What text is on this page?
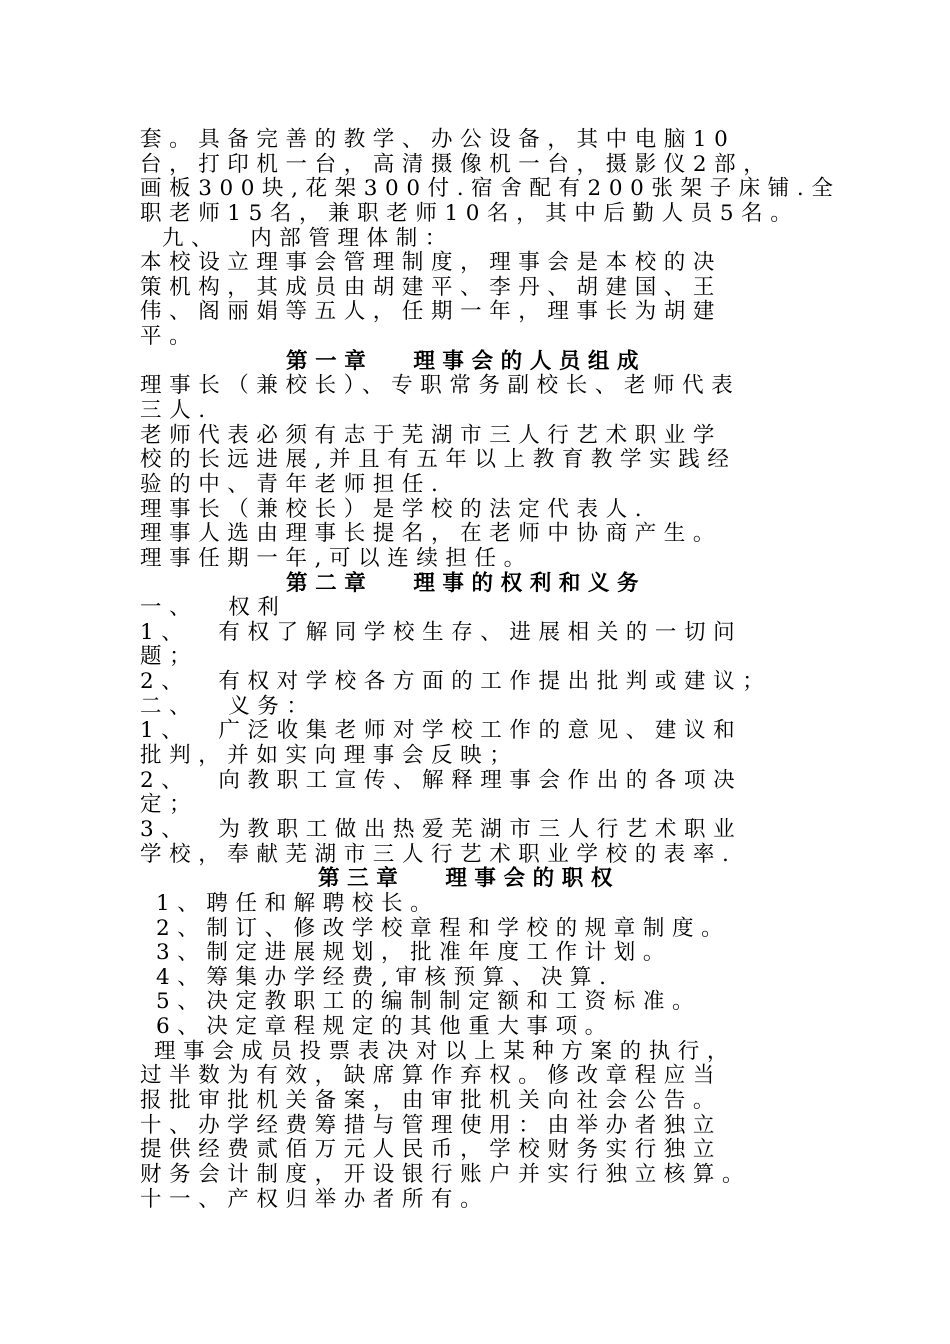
套。具备完善的教学、办公设备，其中电脑10
台，打印机一台，高清摄像机一台，摄影仪2部，
画板300块,花架300付.宿舍配有200张架子床铺.全
职老师15名，兼职老师10名，其中后勤人员5名。
九、 内部管理体制：
本校设立理事会管理制度，理事会是本校的决
策机构，其成员由胡建平、李丹、胡建国、王
伟、阁丽娟等五人，任期一年，理事长为胡建
平。
第一章 理事会的人员组成
理事长（兼校长）、专职常务副校长、老师代表
三人.
老师代表必须有志于芜湖市三人行艺术职业学
校的长远进展,并且有五年以上教育教学实践经
验的中、青年老师担任.
理事长（兼校长）是学校的法定代表人.
理事人选由理事长提名，在老师中协商产生。
理事任期一年,可以连续担任。
第二章 理事的权利和义务
一、 权利
1、 有权了解同学校生存、进展相关的一切问
题；
2、 有权对学校各方面的工作提出批判或建议；
二、 义务：
1、 广泛收集老师对学校工作的意见、建议和
批判，并如实向理事会反映；
2、 向教职工宣传、解释理事会作出的各项决
定；
3、 为教职工做出热爱芜湖市三人行艺术职业
学校，奉献芜湖市三人行艺术职业学校的表率.
第三章 理事会的职权
1、聘任和解聘校长。
2、制订、修改学校章程和学校的规章制度。
3、制定进展规划，批准年度工作计划。
4、筹集办学经费,审核预算、决算.
5、决定教职工的编制制定额和工资标准。
6、决定章程规定的其他重大事项。
理事会成员投票表决对以上某种方案的执行，
过半数为有效，缺席算作弃权。修改章程应当
报批审批机关备案，由审批机关向社会公告。
十、办学经费筹措与管理使用：由举办者独立
提供经费贰佰万元人民币，学校财务实行独立
财务会计制度，开设银行账户并实行独立核算。
十一、产权归举办者所有。
